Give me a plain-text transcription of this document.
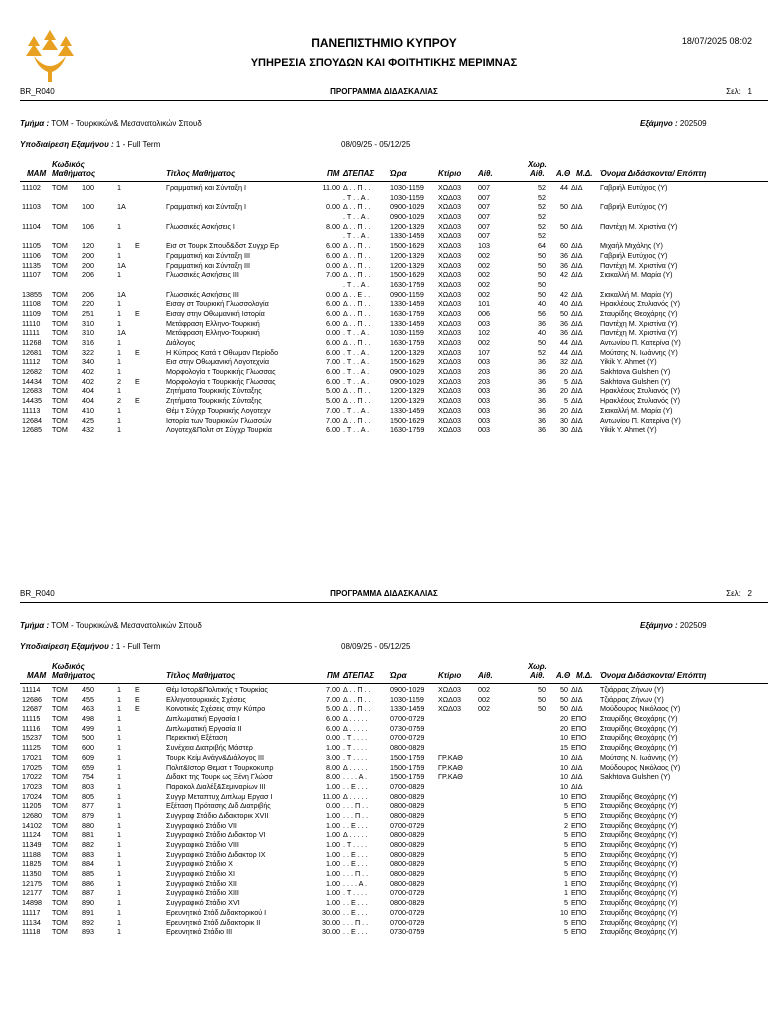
ΠΑΝΕΠΙΣΤΗΜΙΟ ΚΥΠΡΟΥ
ΥΠΗΡΕΣΙΑ ΣΠΟΥΔΩΝ ΚΑΙ ΦΟΙΤΗΤΙΚΗΣ ΜΕΡΙΜΝΑΣ
18/07/2025 08:02
BR_R040	ΠΡΟΓΡΑΜΜΑ ΔΙΔΑΣΚΑΛΙΑΣ	Σελ: 1
Τμήμα : ΤΟΜ - Τουρκικών& Μεσανατολικών Σπουδ	Εξάμηνο : 202509
Υποδιαίρεση Εξαμήνου : 1 - Full Term	08/09/25 - 05/12/25
Κωδικός
ΜΑΜ Μαθήματος	Τίτλος Μαθήματος	ΠΜ ΔΤΕΠΑΣ Ώρα	Κτίριο Αίθ.
Χωρ.
Αίθ. Α.Θ Μ.Δ. Όνομα Διδάσκοντα/ Επόπτη
11102	ΤΟΜ	100	1	Γραμματική και Σύνταξη Ι	11.00 Δ . . Π . .	1030-1159	ΧΩΔ03	007	52	44 ΔΙΔ	Γαβριήλ Ευτύχιος (Υ)
. Τ . . Α .	1030-1159	ΧΩΔ03	007	52
11103	ΤΟΜ	100	1Α	Γραμματική και Σύνταξη Ι	0.00 Δ . . Π . .	0900-1029	ΧΩΔ03	007	52	50 ΔΙΔ	Γαβριήλ Ευτύχιος (Υ)
. Τ . . Α .	0900-1029	ΧΩΔ03	007	52
11104	ΤΟΜ	106	1	Γλωσσικές Ασκήσεις Ι	8.00 Δ . . Π . .	1200-1329	ΧΩΔ03	007	52	50 ΔΙΔ	Παντέχη Μ. Χριστίνα (Υ)
. Τ . . Α .	1330-1459	ΧΩΔ03	007	52
11105	ΤΟΜ	120	1	Ε	Εισ στ Τουρκ Σπουδ&δστ Συγχρ Ερ	6.00 Δ . . Π . .	1500-1629	ΧΩΔ03	103	64	60 ΔΙΔ	Μιχαήλ Μιχάλης (Υ)
11106	ΤΟΜ	200	1	Γραμματική και Σύνταξη ΙΙΙ	6.00 Δ . . Π . .	1200-1329	ΧΩΔ03	002	50	36 ΔΙΔ	Γαβριήλ Ευτύχιος (Υ)
11135	ΤΟΜ	200	1Α	Γραμματική και Σύνταξη ΙΙΙ	0.00 Δ . . Π . .	1200-1329	ΧΩΔ03	002	50	36 ΔΙΔ	Παντέχη Μ. Χριστίνα (Υ)
11107	ΤΟΜ	206	1	Γλωσσικές Ασκήσεις ΙΙΙ	7.00 Δ . . Π . .	1500-1629	ΧΩΔ03	002	50	42 ΔΙΔ	Σιακαλλή Μ. Μαρία (Υ)
. Τ . . Α .	1630-1759	ΧΩΔ03	002	50
13855	ΤΟΜ	206	1Α	Γλωσσικές Ασκήσεις ΙΙΙ	0.00 Δ . . Ε . .	0900-1159	ΧΩΔ03	002	50	42 ΔΙΔ	Σιακαλλή Μ. Μαρία (Υ)
11108	ΤΟΜ	220	1	Εισαγ στ Τουρκική Γλωσσολογία	6.00 Δ . . Π . .	1330-1459	ΧΩΔ03	101	40	40 ΔΙΔ	Ηρακλέους Στυλιανός (Υ)
11109	ΤΟΜ	251	1	Ε	Εισαγ στην Οθωμανική Ιστορία	6.00 Δ . . Π . .	1630-1759	ΧΩΔ03	006	56	50 ΔΙΔ	Σταυρίδης Θεοχάρης (Υ)
11110	ΤΟΜ	310	1	Μετάφραση Ελληνο-Τουρκική	6.00 Δ . . Π . .	1330-1459	ΧΩΔ03	003	36	36 ΔΙΔ	Παντέχη Μ. Χριστίνα (Υ)
11111	ΤΟΜ	310	1Α	Μετάφραση Ελληνο-Τουρκική	0.00 . Τ . . Α .	1030-1159	ΧΩΔ03	102	40	36 ΔΙΔ	Παντέχη Μ. Χριστίνα (Υ)
11268	ΤΟΜ	316	1	Διάλογος	6.00 Δ . . Π . .	1630-1759	ΧΩΔ03	002	50	44 ΔΙΔ	Αντωνίου Π. Κατερίνα (Υ)
12681	ΤΟΜ	322	1	Ε	Η Κύπρος Κατά τ Οθωμαν Περίοδο	6.00 . Τ . . Α .	1200-1329	ΧΩΔ03	107	52	44 ΔΙΔ	Μούτσης Ν. Ιωάννης (Υ)
11112	ΤΟΜ	340	1	Εισ στην Οθωμανική Λογοτεχνία	7.00 . Τ . . Α .	1500-1629	ΧΩΔ03	003	36	32 ΔΙΔ	Yikik Y. Ahmet (Υ)
12682	ΤΟΜ	402	1	Μορφολογία τ Τουρκικής Γλωσσας	6.00 . Τ . . Α .	0900-1029	ΧΩΔ03	203	36	20 ΔΙΔ	Sakhtova Gulshen (Υ)
14434	ΤΟΜ	402	2	Ε	Μορφολογία τ Τουρκικής Γλωσσας	6.00 . Τ . . Α .	0900-1029	ΧΩΔ03	203	36	5 ΔΙΔ	Sakhtova Gulshen (Υ)
12683	ΤΟΜ	404	1	Ζητήματα Τουρκικής Σύνταξης	5.00 Δ . . Π . .	1200-1329	ΧΩΔ03	003	36	20 ΔΙΔ	Ηρακλέους Στυλιανός (Υ)
14435	ΤΟΜ	404	2	Ε	Ζητήματα Τουρκικής Σύνταξης	5.00 Δ . . Π . .	1200-1329	ΧΩΔ03	003	36	5 ΔΙΔ	Ηρακλέους Στυλιανός (Υ)
11113	ΤΟΜ	410	1	Θέμ τ Σύγχρ Τουρκικής Λογοτεχν	7.00 . Τ . . Α .	1330-1459	ΧΩΔ03	003	36	20 ΔΙΔ	Σιακαλλή Μ. Μαρία (Υ)
12684	ΤΟΜ	425	1	Ιστορία των Τουρκικών Γλωσσών	7.00 Δ . . Π . .	1500-1629	ΧΩΔ03	003	36	30 ΔΙΔ	Αντωνίου Π. Κατερίνα (Υ)
12685	ΤΟΜ	432	1	Λογοτεχ&Πολιτ στ Σύγχρ Τουρκία	6.00 . Τ . . Α .	1630-1759	ΧΩΔ03	003	36	30 ΔΙΔ	Yikik Y. Ahmet (Υ)
BR_R040	ΠΡΟΓΡΑΜΜΑ ΔΙΔΑΣΚΑΛΙΑΣ	Σελ: 2
Τμήμα : ΤΟΜ - Τουρκικών& Μεσανατολικών Σπουδ	Εξάμηνο : 202509
Υποδιαίρεση Εξαμήνου : 1 - Full Term	08/09/25 - 05/12/25
Κωδικός
ΜΑΜ Μαθήματος	Τίτλος Μαθήματος	ΠΜ ΔΤΕΠΑΣ Ώρα	Κτίριο Αίθ.
Χωρ.
Αίθ. Α.Θ Μ.Δ. Όνομα Διδάσκοντα/ Επόπτη
11114	ΤΟΜ	450	1	Ε	Θέμ Ιστορ&Πολιτικής τ Τουρκίας	7.00 Δ . . Π . .	0900-1029	ΧΩΔ03	002	50	50 ΔΙΔ	Τζιάρρας Ζήνων (Υ)
12686	ΤΟΜ	455	1	Ε	Ελληνοτουρκικές Σχέσεις	7.00 Δ . . Π . .	1030-1159	ΧΩΔ03	002	50	50 ΔΙΔ	Τζιάρρας Ζήνων (Υ)
12687	ΤΟΜ	463	1	Ε	Κοινοτικές Σχέσεις στην Κύπρο	5.00 Δ . . Π . .	1330-1459	ΧΩΔ03	002	50	50 ΔΙΔ	Μούδουρος Νικόλαος (Υ)
11115	ΤΟΜ	498	1	Διπλωματική Εργασία Ι	6.00 Δ . . . . .	0700-0729	20 ΕΠΟ	Σταυρίδης Θεοχάρης (Υ)
11116	ΤΟΜ	499	1	Διπλωματική Εργασία ΙΙ	6.00 Δ . . . . .	0730-0759	20 ΕΠΟ	Σταυρίδης Θεοχάρης (Υ)
15237	ΤΟΜ	500	1	Περιεκτική Εξέταση	0.00 . Τ . . . .	0700-0729	10 ΕΠΟ	Σταυρίδης Θεοχάρης (Υ)
11125	ΤΟΜ	600	1	Συνέχεια Διατριβής Μάστερ	1.00 . Τ . . . .	0800-0829	15 ΕΠΟ	Σταυρίδης Θεοχάρης (Υ)
17021	ΤΟΜ	609	1	Τουρκ Κείμ Ανάγν&Διάλογος ΙΙΙ	3.00 . Τ . . . .	1500-1759	ΓΡ.ΚΑΘ	10 ΔΙΔ	Μούτσης Ν. Ιωάννης (Υ)
17025	ΤΟΜ	659	1	Πολιτ&Ιστορ Θεματ τ Τουρκοκυπρ	8.00 Δ . . . . .	1500-1759	ΓΡ.ΚΑΘ	10 ΔΙΔ	Μούδουρος Νικόλαος (Υ)
17022	ΤΟΜ	754	1	Διδακτ της Τουρκ ως Ξένη Γλώσσ	8.00 . . . . Α .	1500-1759	ΓΡ.ΚΑΘ	10 ΔΙΔ	Sakhtova Gulshen (Υ)
17023	ΤΟΜ	803	1	Παρακολ Διαλέξ&Σεμιναρίων ΙΙΙ	1.00 . . Ε . . .	0700-0829	10 ΔΙΔ
17024	ΤΟΜ	805	1	Συγγρ Μεταπτυχ Διπλωμ Εργασ Ι	11.00 Δ . . . . .	0800-0829	10 ΕΠΟ	Σταυρίδης Θεοχάρης (Υ)
11205	ΤΟΜ	877	1	Εξέταση Πρότασης Διδ Διατριβής	0.00 . . . Π . .	0800-0829	5 ΕΠΟ	Σταυρίδης Θεοχάρης (Υ)
12680	ΤΟΜ	879	1	Συγγραφ Στάδιο Διδακτορικ XVII	1.00 . . . Π . .	0800-0829	5 ΕΠΟ	Σταυρίδης Θεοχάρης (Υ)
14102	ΤΟΜ	880	1	Συγγραφικό Στάδιο VII	1.00 . . Ε . . .	0700-0729	2 ΕΠΟ	Σταυρίδης Θεοχάρης (Υ)
11124	ΤΟΜ	881	1	Συγγραφικό Στάδιο Διδακτορ VI	1.00 Δ . . . . .	0800-0829	5 ΕΠΟ	Σταυρίδης Θεοχάρης (Υ)
11349	ΤΟΜ	882	1	Συγγραφικό Στάδιο VIII	1.00 . Τ . . . .	0800-0829	5 ΕΠΟ	Σταυρίδης Θεοχάρης (Υ)
11188	ΤΟΜ	883	1	Συγγραφικό Στάδιο Διδακτορ IX	1.00 . . Ε . . .	0800-0829	5 ΕΠΟ	Σταυρίδης Θεοχάρης (Υ)
11825	ΤΟΜ	884	1	Συγγραφικό Στάδιο Χ	1.00 . . Ε . . .	0800-0829	5 ΕΠΟ	Σταυρίδης Θεοχάρης (Υ)
11350	ΤΟΜ	885	1	Συγγραφικό Στάδιο XI	1.00 . . . Π . .	0800-0829	5 ΕΠΟ	Σταυρίδης Θεοχάρης (Υ)
12175	ΤΟΜ	886	1	Συγγραφικό Στάδιο XII	1.00 . . . . Α .	0800-0829	1 ΕΠΟ	Σταυρίδης Θεοχάρης (Υ)
12177	ΤΟΜ	887	1	Συγγραφικό Στάδιο XIII	1.00 . Τ . . . .	0700-0729	1 ΕΠΟ	Σταυρίδης Θεοχάρης (Υ)
14898	ΤΟΜ	890	1	Συγγραφικό Στάδιο XVI	1.00 . . Ε . . .	0800-0829	5 ΕΠΟ	Σταυρίδης Θεοχάρης (Υ)
11117	ΤΟΜ	891	1	Ερευνητικό Στάδ Διδακτορικού Ι	30.00 . . Ε . . .	0700-0729	10 ΕΠΟ	Σταυρίδης Θεοχάρης (Υ)
11134	ΤΟΜ	892	1	Ερευνητικό Στάδ Διδακτορικ ΙΙ	30.00 . . . Π . .	0700-0729	5 ΕΠΟ	Σταυρίδης Θεοχάρης (Υ)
11118	ΤΟΜ	893	1	Ερευνητικό Στάδιο ΙΙΙ	30.00 . . Ε . . .	0730-0759	5 ΕΠΟ	Σταυρίδης Θεοχάρης (Υ)
